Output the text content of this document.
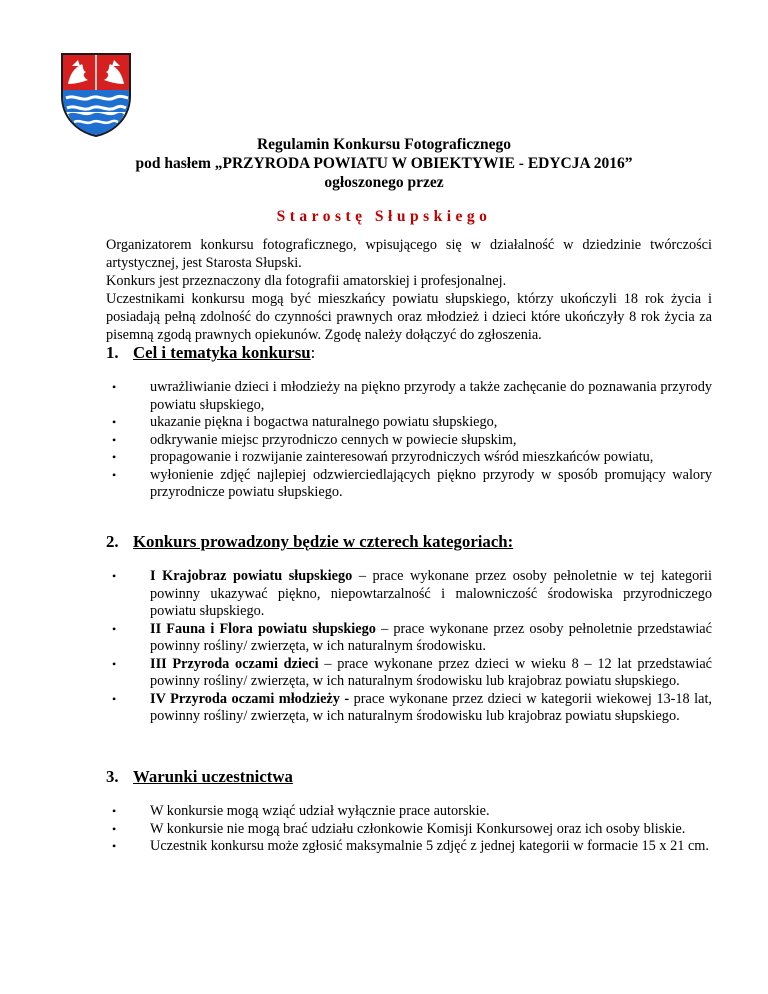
Regulamin Konkursu Fotograficznego
pod hasłem „PRZYRODA POWIATU W OBIEKTYWIE - EDYCJA 2016”
ogłoszonego przez
Starostę Słupskiego

Organizatorem konkursu fotograficznego, wpisującego się w działalność w dziedzinie twórczości artystycznej, jest Starosta Słupski.

Konkurs jest przeznaczony dla fotografii amatorskiej i profesjonalnej.

Uczestnikami konkursu mogą być mieszkańcy powiatu słupskiego, którzy ukończyli 18 rok życia i posiadają pełną zdolność do czynności prawnych oraz młodzież i dzieci które ukończyły 8 rok życia za pisemną zgodą prawnych opiekunów. Zgodę należy dołączyć do zgłoszenia.

1. Cel i tematyka konkursu:
• uwrażliwianie dzieci i młodzieży na piękno przyrody a także zachęcanie do poznawania przyrody powiatu słupskiego,
• ukazanie piękna i bogactwa naturalnego powiatu słupskiego,
• odkrywanie miejsc przyrodniczo cennych w powiecie słupskim,
• propagowanie i rozwijanie zainteresowań przyrodniczych wśród mieszkańców powiatu,
• wyłonienie zdjęć najlepiej odzwierciedlających piękno przyrody w sposób promujący walory przyrodnicze powiatu słupskiego.
2. Konkurs prowadzony będzie w czterech kategoriach:
• I Krajobraz powiatu słupskiego – prace wykonane przez osoby pełnoletnie w tej kategorii powinny ukazywać piękno, niepowtarzalność i malowniczość środowiska przyrodniczego powiatu słupskiego.
• II Fauna i Flora powiatu słupskiego – prace wykonane przez osoby pełnoletnie przedstawiać powinny rośliny/ zwierzęta, w ich naturalnym środowisku.
• III Przyroda oczami dzieci – prace wykonane przez dzieci w wieku 8 – 12 lat przedstawiać powinny rośliny/ zwierzęta, w ich naturalnym środowisku lub krajobraz powiatu słupskiego.
• IV Przyroda oczami młodzieży - prace wykonane przez dzieci w kategorii wiekowej 13-18 lat, powinny rośliny/ zwierzęta, w ich naturalnym środowisku lub krajobraz powiatu słupskiego.
3. Warunki uczestnictwa
• W konkursie mogą wziąć udział wyłącznie prace autorskie.
• W konkursie nie mogą brać udziału członkowie Komisji Konkursowej oraz ich osoby bliskie.
• Uczestnik konkursu może zgłosić maksymalnie 5 zdjęć z jednej kategorii w formacie 15 x 21 cm.
